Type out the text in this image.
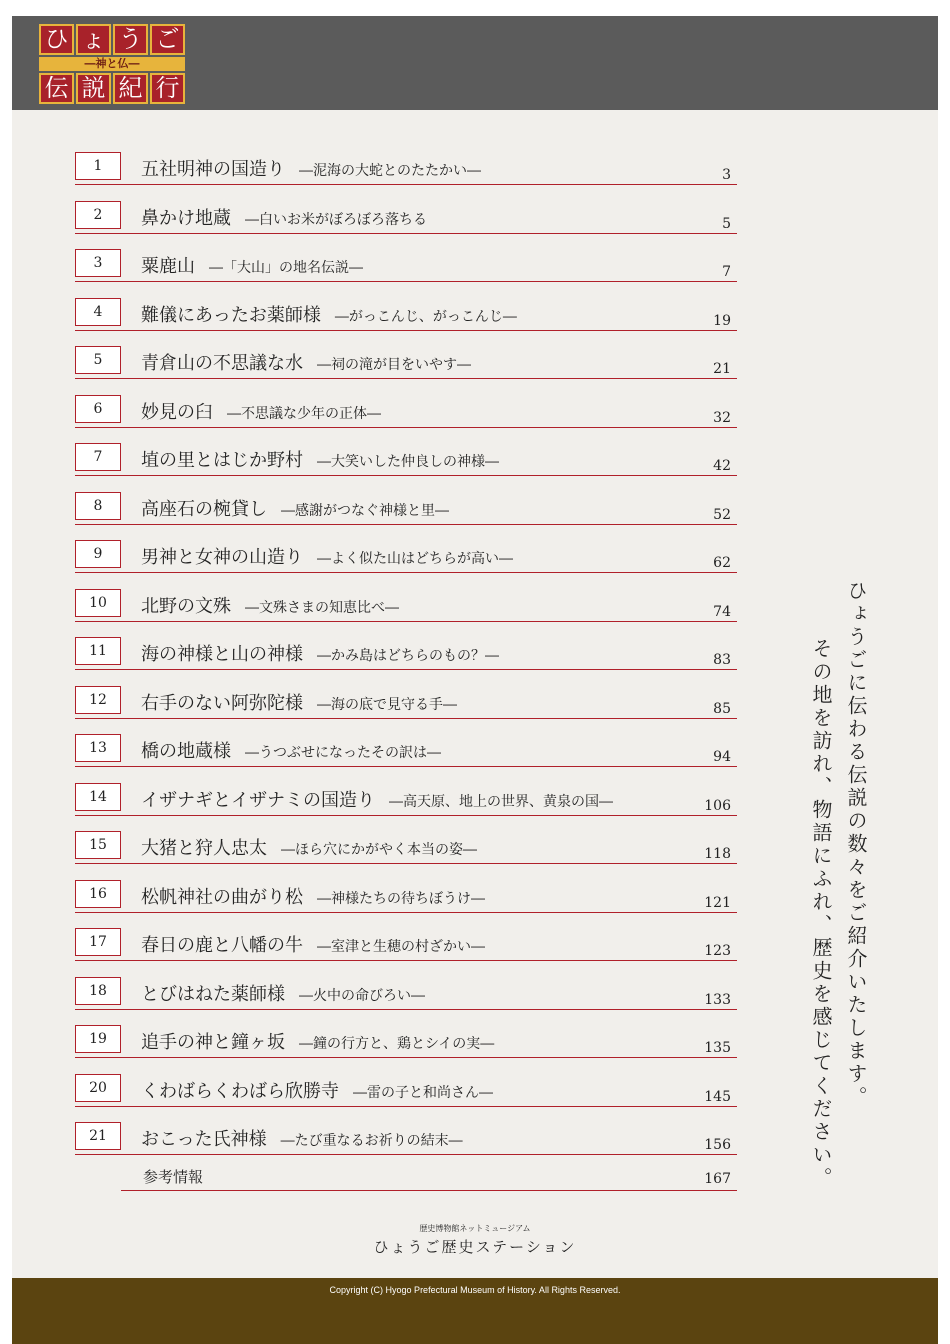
ひ ょ う ご
―神と仏―
伝 説 紀 行
1	五社明神の国造り ―泥海の大蛇とのたたかい―	3
2	鼻かけ地蔵 ―白いお米がぼろぼろ落ちる	5
3	粟鹿山 ―「大山」の地名伝説―	7
4	難儀にあったお薬師様 ―がっこんじ、がっこんじ―	19
5	青倉山の不思議な水 ―祠の滝が目をいやす―	21
6	妙見の臼 ―不思議な少年の正体―	32
7	埴の里とはじか野村 ―大笑いした仲良しの神様―	42
8	高座石の椀貸し ―感謝がつなぐ神様と里―	52
9	男神と女神の山造り ―よく似た山はどちらが高い―	62
10	北野の文殊 ―文殊さまの知恵比べ―	74
11	海の神様と山の神様 ―かみ島はどちらのもの？―	83
12	右手のない阿弥陀様 ―海の底で見守る手―	85
13	橋の地蔵様 ―うつぶせになったその訳は―	94
14	イザナギとイザナミの国造り ―高天原、地上の世界、黄泉の国―	106
15	大猪と狩人忠太 ―ほら穴にかがやく本当の姿―	118
16	松帆神社の曲がり松 ―神様たちの待ちぼうけ―	121
17	春日の鹿と八幡の牛 ―室津と生穂の村ざかい―	123
18	とびはねた薬師様 ―火中の命びろい―	133
19	追手の神と鐘ヶ坂 ―鐘の行方と、鶏とシイの実―	135
20	くわばらくわばら欣勝寺 ―雷の子と和尚さん―	145
21	おこった氏神様 ―たび重なるお祈りの結末―	156
参考情報	167
ひょうごに伝わる伝説の数々をご紹介いたします。
その地を訪れ、物語にふれ、歴史を感じてください。
歴史博物館ネットミュージアム
ひょうご歴史ステーション
Copyright (C) Hyogo Prefectural Museum of History. All Rights Reserved.
